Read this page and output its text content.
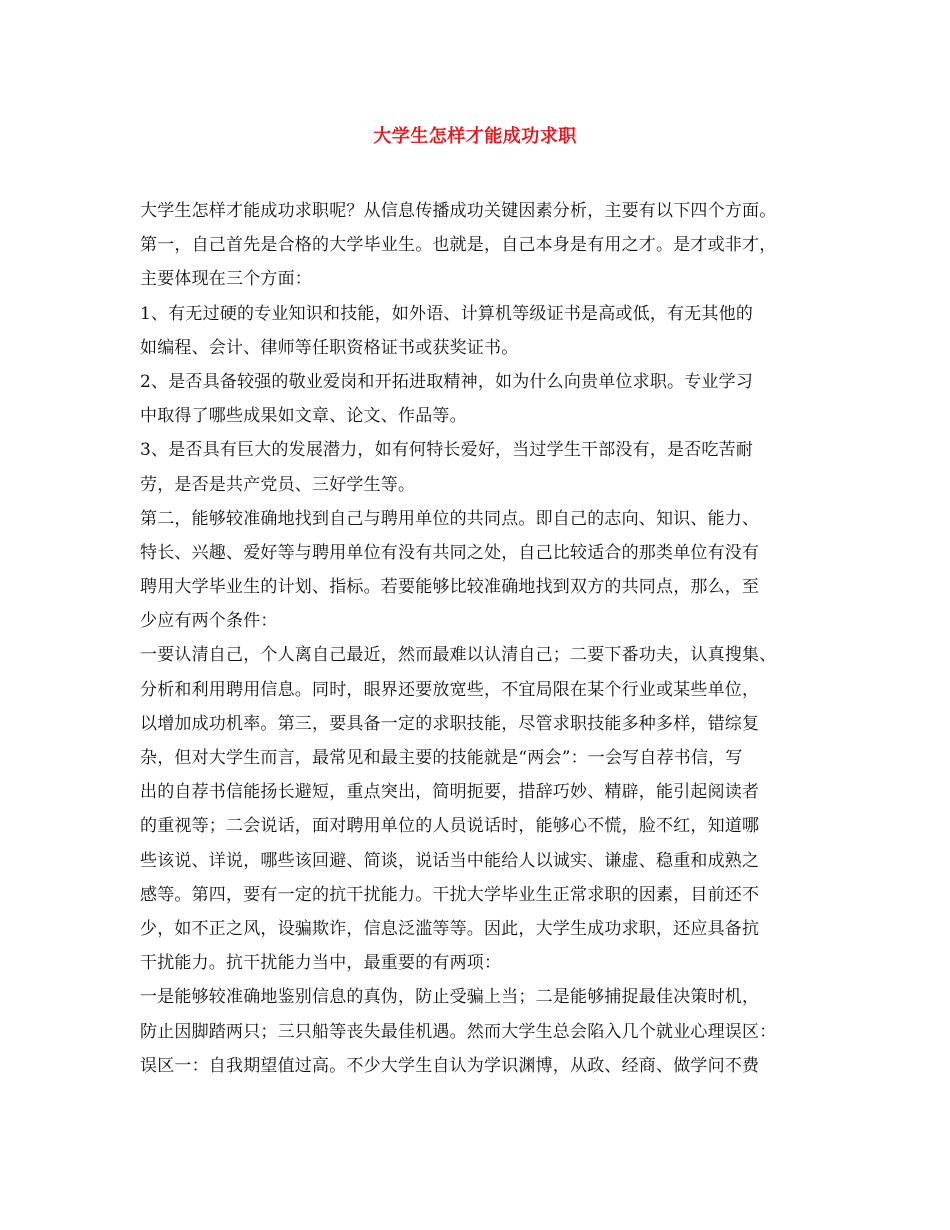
大学生怎样才能成功求职
大学生怎样才能成功求职呢？从信息传播成功关键因素分析，主要有以下四个方面。
第一，自己首先是合格的大学毕业生。也就是，自己本身是有用之才。是才或非才，
主要体现在三个方面：
1、有无过硬的专业知识和技能，如外语、计算机等级证书是高或低，有无其他的
如编程、会计、律师等任职资格证书或获奖证书。
2、是否具备较强的敬业爱岗和开拓进取精神，如为什么向贵单位求职。专业学习
中取得了哪些成果如文章、论文、作品等。
3、是否具有巨大的发展潜力，如有何特长爱好，当过学生干部没有，是否吃苦耐
劳，是否是共产党员、三好学生等。
第二，能够较准确地找到自己与聘用单位的共同点。即自己的志向、知识、能力、
特长、兴趣、爱好等与聘用单位有没有共同之处，自己比较适合的那类单位有没有
聘用大学毕业生的计划、指标。若要能够比较准确地找到双方的共同点，那么，至
少应有两个条件：
一要认清自己，个人离自己最近，然而最难以认清自己；二要下番功夫，认真搜集、
分析和利用聘用信息。同时，眼界还要放宽些，不宜局限在某个行业或某些单位，
以增加成功机率。第三，要具备一定的求职技能，尽管求职技能多种多样，错综复
杂，但对大学生而言，最常见和最主要的技能就是“两会”：一会写自荐书信，写
出的自荐书信能扬长避短，重点突出，简明扼要，措辞巧妙、精辟，能引起阅读者
的重视等；二会说话，面对聘用单位的人员说话时，能够心不慌，脸不红，知道哪
些该说、详说，哪些该回避、简谈，说话当中能给人以诚实、谦虚、稳重和成熟之
感等。第四，要有一定的抗干扰能力。干扰大学毕业生正常求职的因素，目前还不
少，如不正之风，设骗欺诈，信息泛滥等等。因此，大学生成功求职，还应具备抗
干扰能力。抗干扰能力当中，最重要的有两项：
一是能够较准确地鉴别信息的真伪，防止受骗上当；二是能够捕捉最佳决策时机，
防止因脚踏两只；三只船等丧失最佳机遇。然而大学生总会陷入几个就业心理误区：
误区一：自我期望值过高。不少大学生自认为学识渊博，从政、经商、做学问不费
